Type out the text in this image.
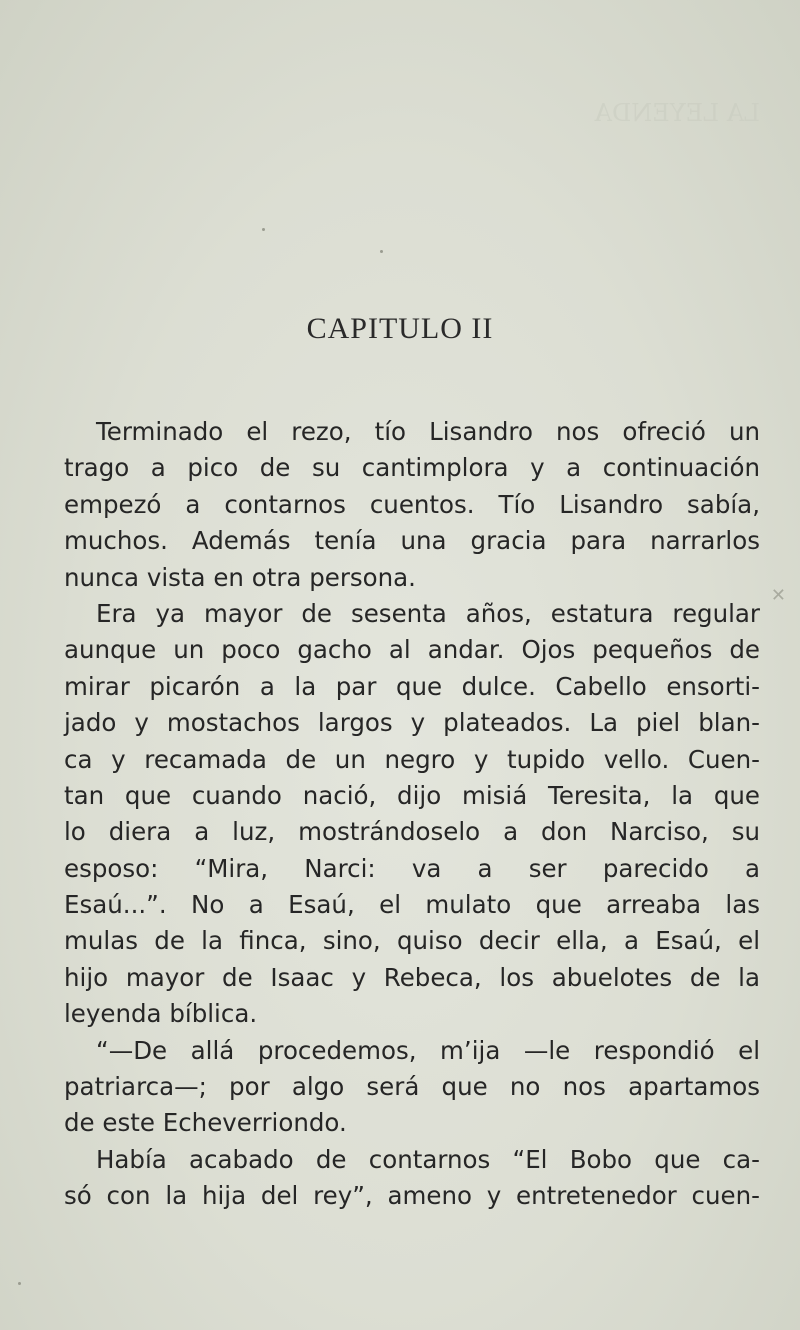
LA LEYENDA
CAPITULO II
Terminado el rezo, tío Lisandro nos ofreció un
trago a pico de su cantimplora y a continuación
empezó a contarnos cuentos. Tío Lisandro sabía,
muchos. Además tenía una gracia para narrarlos
nunca vista en otra persona.
Era ya mayor de sesenta años, estatura regular
aunque un poco gacho al andar. Ojos pequeños de
mirar picarón a la par que dulce. Cabello ensorti-
jado y mostachos largos y plateados. La piel blan-
ca y recamada de un negro y tupido vello. Cuen-
tan que cuando nació, dijo misiá Teresita, la que
lo diera a luz, mostrándoselo a don Narciso, su
esposo: “Mira, Narci: va a ser parecido a
Esaú...”. No a Esaú, el mulato que arreaba las
mulas de la finca, sino, quiso decir ella, a Esaú, el
hijo mayor de Isaac y Rebeca, los abuelotes de la
leyenda bíblica.
“—De allá procedemos, m’ija —le respondió el
patriarca—; por algo será que no nos apartamos
de este Echeverriondo.
Había acabado de contarnos “El Bobo que ca-
só con la hija del rey”, ameno y entretenedor cuen-
✕
